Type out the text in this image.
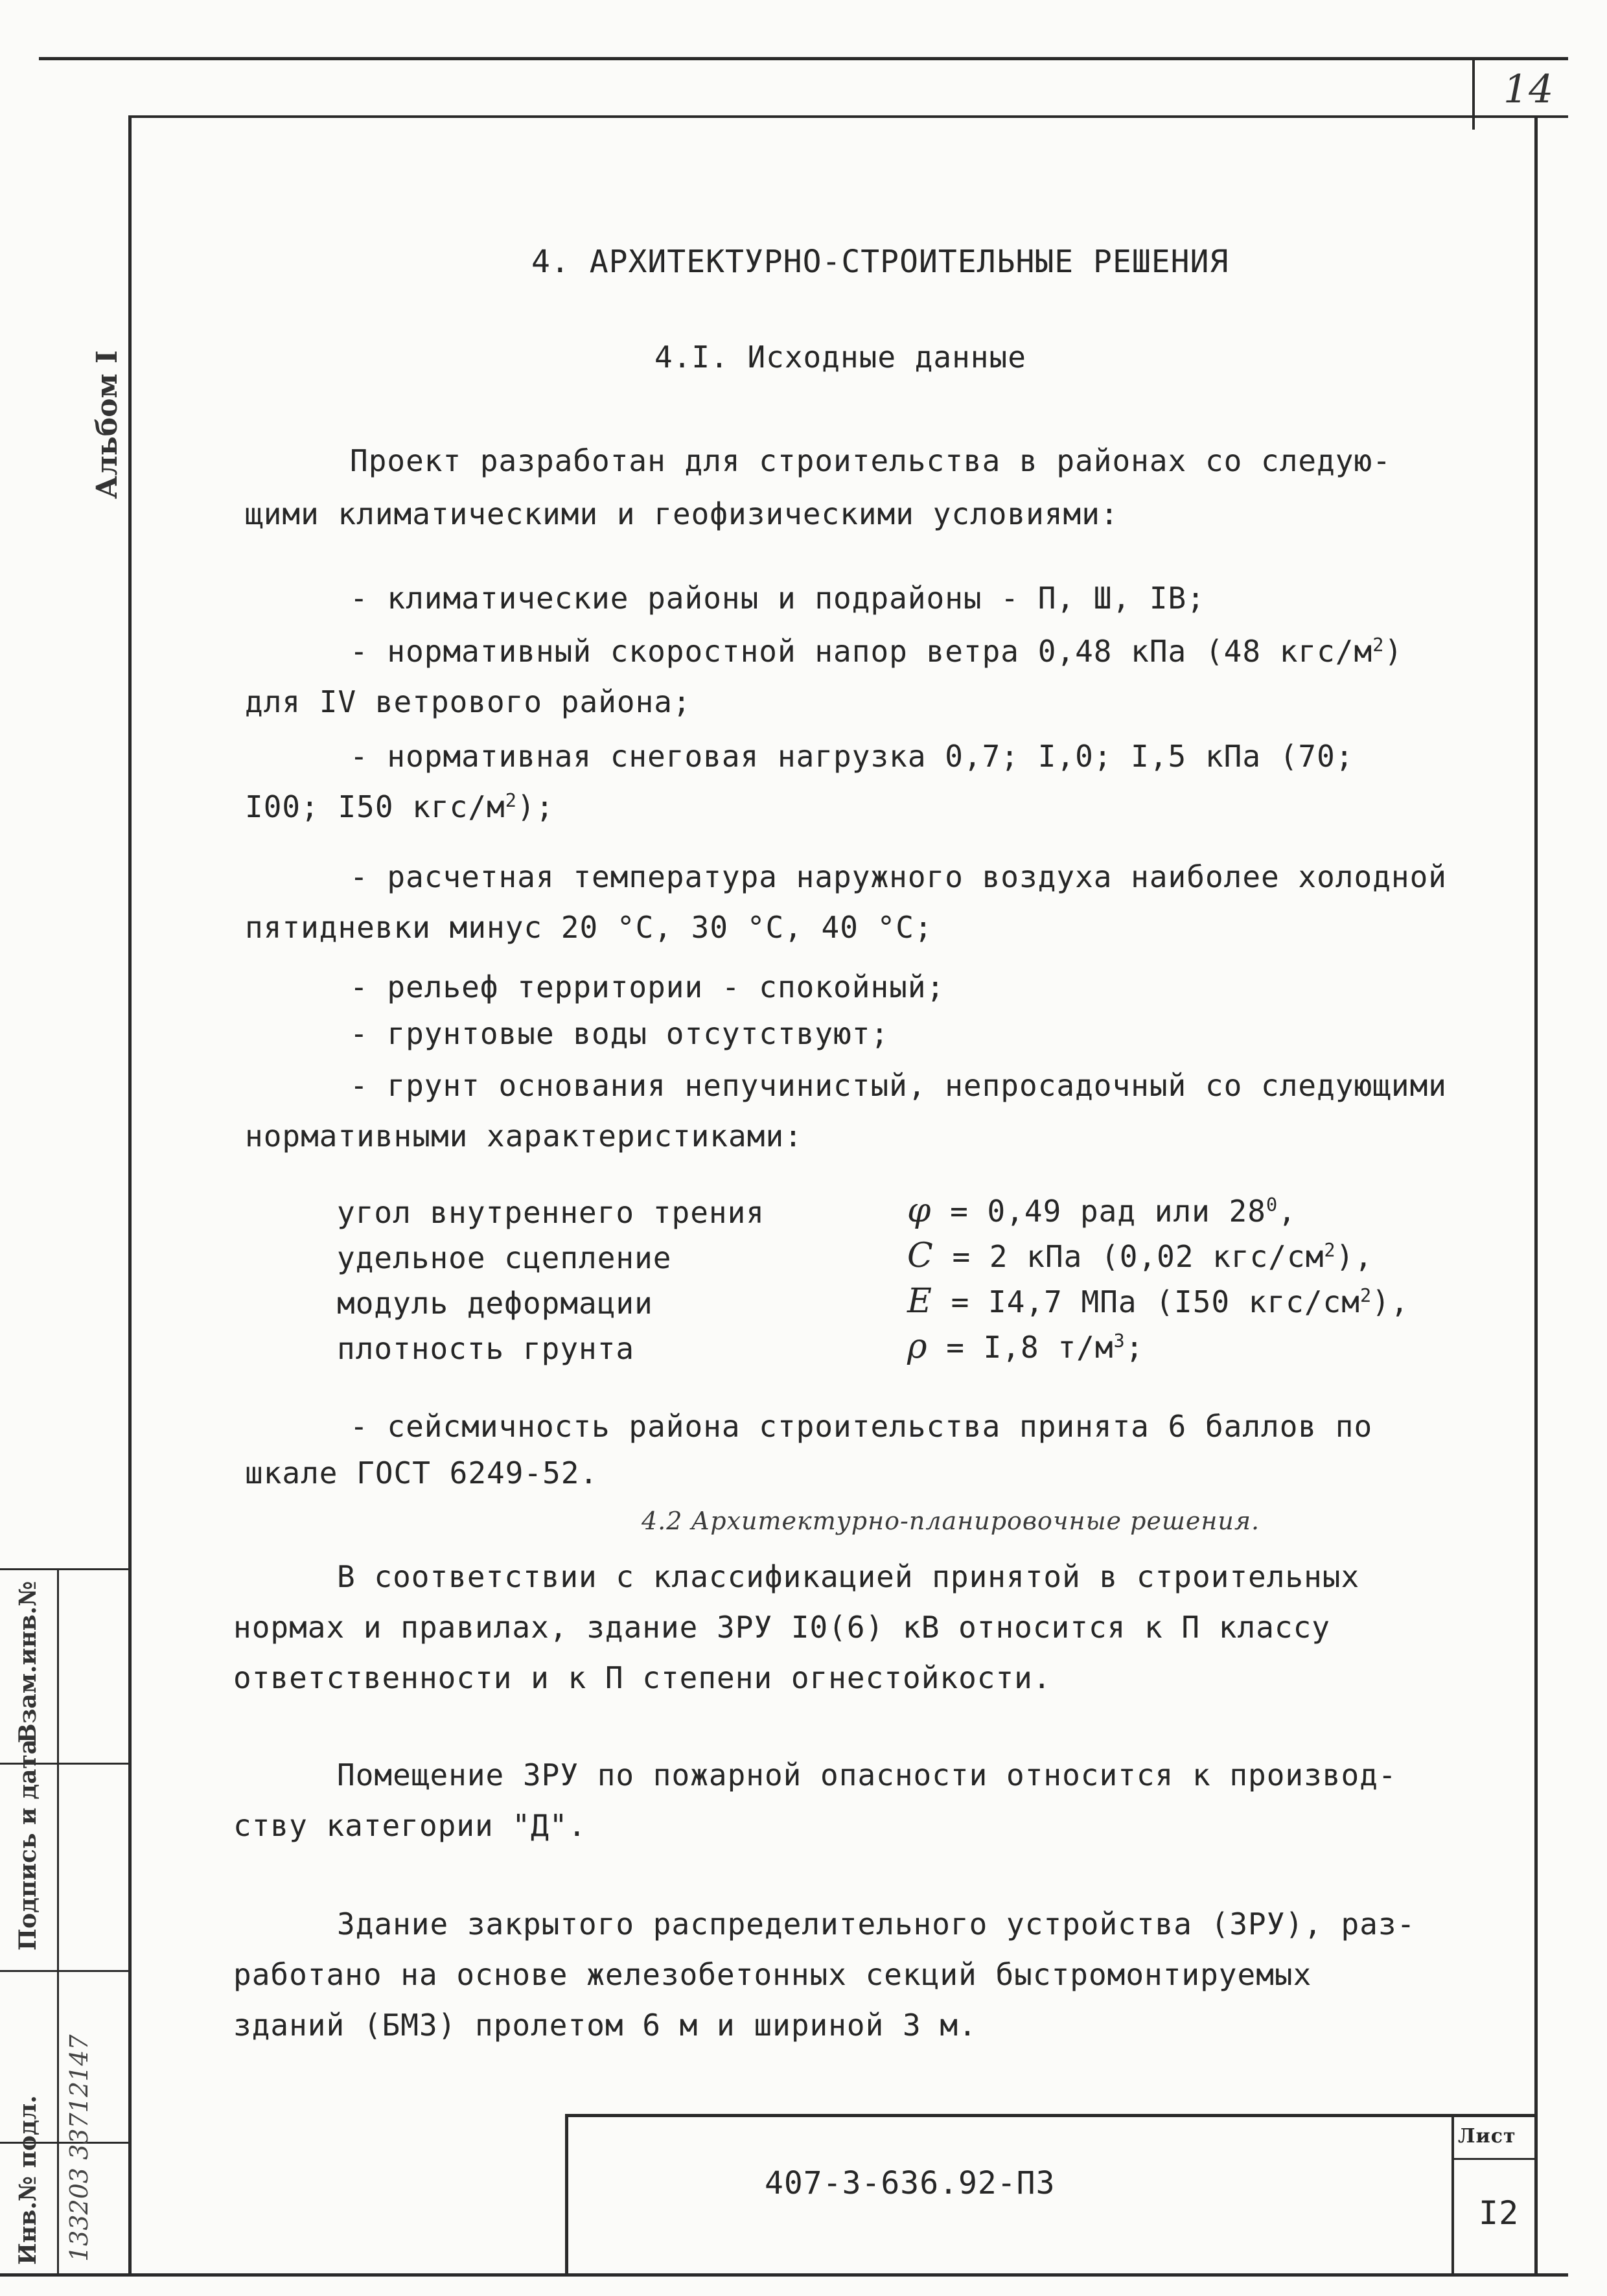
14
Альбом I
Взам.инв.№
Подпись и дата
Инв.№ подл. 133203 33712147
4. АРХИТЕКТУРНО-СТРОИТЕЛЬНЫЕ РЕШЕНИЯ
4.I. Исходные данные
Проект разработан для строительства в районах со следую-
щими климатическими и геофизическими условиями:
- климатические районы и подрайоны - П, Ш, IВ;
- нормативный скоростной напор ветра 0,48 кПа (48 кгс/$м^2$)
для IV ветрового района;
- нормативная снеговая нагрузка 0,7; I,0; I,5 кПа (70;
I00; I50 кгс/$м^2$);
- расчетная температура наружного воздуха наиболее холодной
пятидневки минус 20 °С, 30 °С, 40 °С;
- рельеф территории - спокойный;
- грунтовые воды отсутствуют;
- грунт основания непучинистый, непросадочный со следующими
нормативными характеристиками:
угол внутреннего трения	φ = 0,49 рад или $28^0$,
удельное сцепление	C = 2 кПа (0,02 кгс/$см^2$),
модуль деформации	E = I4,7 МПа (I50 кгс/$см^2$),
плотность грунта	ρ = I,8 $т/м^3$;
- сейсмичность района строительства принята 6 баллов по
шкале ГОСТ 6249-52.
4.2 Архитектурно-планировочные решения.
В соответствии с классификацией принятой в строительных
нормах и правилах, здание ЗРУ I0(6) кВ относится к П классу
ответственности и к П степени огнестойкости.
Помещение ЗРУ по пожарной опасности относится к производ-
ству категории "Д".
Здание закрытого распределительного устройства (ЗРУ), раз-
работано на основе железобетонных секций быстромонтируемых
зданий (БМЗ) пролетом 6 м и шириной 3 м.
407-3-636.92-ПЗ
Лист
I2
